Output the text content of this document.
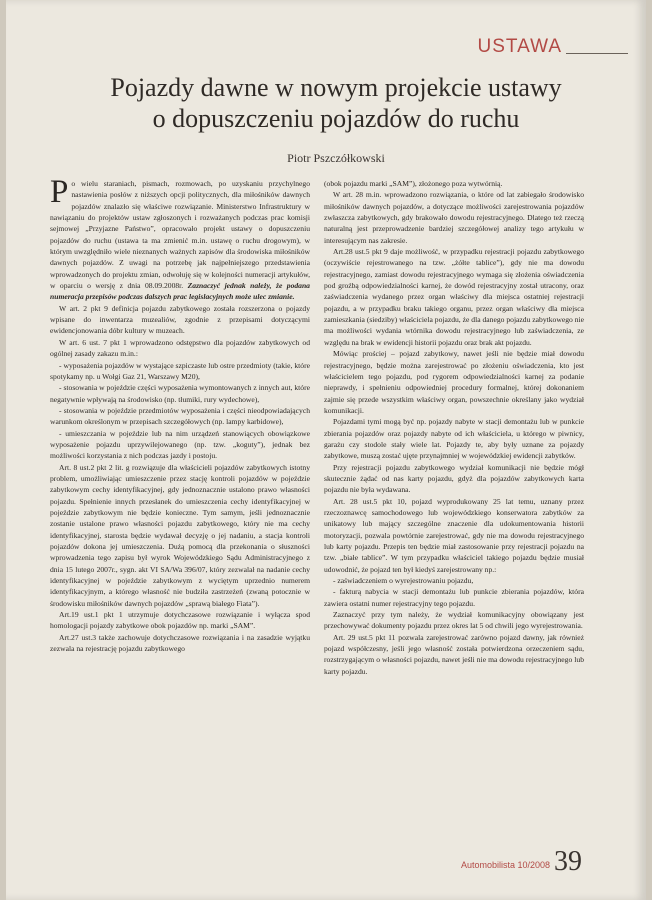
USTAWA
Pojazdy dawne w nowym projekcie ustawy
o dopuszczeniu pojazdów do ruchu
Piotr Pszczółkowski

Po wielu staraniach, pismach, rozmowach, po uzyskaniu przychylnego nastawienia posłów z niższych opcji politycznych, dla miłośników dawnych pojazdów znalazło się właściwe rozwiązanie. Ministerstwo Infrastruktury w nawiązaniu do projektów ustaw zgłoszonych i rozważanych podczas prac komisji sejmowej „Przyjazne Państwo”, opracowało projekt ustawy o dopuszczeniu pojazdów do ruchu (ustawa ta ma zmienić m.in. ustawę o ruchu drogowym), w którym uwzględniło wiele nieznanych ważnych zapisów dla środowiska miłośników dawnych pojazdów. Z uwagi na potrzebę jak najpełniejszego przedstawienia wprowadzonych do projektu zmian, odwołuję się w kolejności numeracji artykułów, w oparciu o wersję z dnia 08.09.2008r. Zaznaczyć jednak należy, że podana numeracja przepisów podczas dalszych prac legislacyjnych może ulec zmianie.

W art. 2 pkt 9 definicja pojazdu zabytkowego została rozszerzona o pojazdy wpisane do inwentarza muzealiów, zgodnie z przepisami dotyczącymi ewidencjonowania dóbr kultury w muzeach.

W art. 6 ust. 7 pkt 1 wprowadzono odstępstwo dla pojazdów zabytkowych od ogólnej zasady zakazu m.in.:

- wyposażenia pojazdów w wystające szpiczaste lub ostre przedmioty (takie, które spotykamy np. u Wołgi Gaz 21, Warszawy M20),

- stosowania w pojeździe części wyposażenia wymontowanych z innych aut, które negatywnie wpływają na środowisko (np. tłumiki, rury wydechowe),

- stosowania w pojeździe przedmiotów wyposażenia i części nieodpowiadających warunkom określonym w przepisach szczegółowych (np. lampy karbidowe),

- umieszczania w pojeździe lub na nim urządzeń stanowiących obowiązkowe wyposażenie pojazdu uprzywilejowanego (np. tzw. „koguty”), jednak bez możliwości korzystania z nich podczas jazdy i postoju.

Art. 8 ust.2 pkt 2 lit. g rozwiązuje dla właścicieli pojazdów zabytkowych istotny problem, umożliwiając umieszczenie przez stację kontroli pojazdów w pojeździe zabytkowym cechy identyfikacyjnej, gdy jednoznacznie ustalono prawo własności pojazdu. Spełnienie innych przesłanek do umieszczenia cechy identyfikacyjnej w pojeździe zabytkowym nie będzie konieczne. Tym samym, jeśli jednoznacznie zostanie ustalone prawo własności pojazdu zabytkowego, który nie ma cechy identyfikacyjnej, starosta będzie wydawał decyzję o jej nadaniu, a stacja kontroli pojazdów dokona jej umieszczenia. Dużą pomocą dla przekonania o słuszności wprowadzenia tego zapisu był wyrok Wojewódzkiego Sądu Administracyjnego z dnia 15 lutego 2007r., sygn. akt VI SA/Wa 396/07, który zezwalał na nadanie cechy identyfikacyjnej w pojeździe zabytkowym z wyciętym uprzednio numerem identyfikacyjnym, a którego własność nie budziła zastrzeżeń (zwaną potocznie w środowisku miłośników dawnych pojazdów „sprawą białego Fiata”).

Art.19 ust.1 pkt 1 utrzymuje dotychczasowe rozwiązanie i wyłącza spod homologacji pojazdy zabytkowe obok pojazdów np. marki „SAM”.

Art.27 ust.3 także zachowuje dotychczasowe rozwiązania i na zasadzie wyjątku zezwala na rejestrację pojazdu zabytkowego

(obok pojazdu marki „SAM”), złożonego poza wytwórnią.

W art. 28 m.in. wprowadzono rozwiązania, o które od lat zabiegało środowisko miłośników dawnych pojazdów, a dotyczące możliwości zarejestrowania pojazdów zwłaszcza zabytkowych, gdy brakowało dowodu rejestracyjnego. Dlatego też rzeczą naturalną jest przeprowadzenie bardziej szczegółowej analizy tego artykułu w interesującym nas zakresie.

Art.28 ust.5 pkt 9 daje możliwość, w przypadku rejestracji pojazdu zabytkowego (oczywiście rejestrowanego na tzw. „żółte tablice”), gdy nie ma dowodu rejestracyjnego, zamiast dowodu rejestracyjnego wymaga się złożenia oświadczenia pod groźbą odpowiedzialności karnej, że dowód rejestracyjny został utracony, oraz zaświadczenia wydanego przez organ właściwy dla miejsca ostatniej rejestracji pojazdu, a w przypadku braku takiego organu, przez organ właściwy dla miejsca zamieszkania (siedziby) właściciela pojazdu, że dla danego pojazdu zabytkowego nie ma możliwości wydania wtórnika dowodu rejestracyjnego lub zaświadczenia, ze względu na brak w ewidencji historii pojazdu oraz brak akt pojazdu.

Mówiąc prościej – pojazd zabytkowy, nawet jeśli nie będzie miał dowodu rejestracyjnego, będzie można zarejestrować po złożeniu oświadczenia, kto jest właścicielem tego pojazdu, pod rygorem odpowiedzialności karnej za podanie nieprawdy, i spełnieniu odpowiedniej procedury formalnej, której dokonaniem zajmie się przede wszystkim właściwy organ, powszechnie określany jako wydział komunikacji.

Pojazdami tymi mogą być np. pojazdy nabyte w stacji demontażu lub w punkcie zbierania pojazdów oraz pojazdy nabyte od ich właściciela, u którego w piwnicy, garażu czy stodole stały wiele lat. Pojazdy te, aby były uznane za pojazdy zabytkowe, muszą zostać ujęte przynajmniej w wojewódzkiej ewidencji zabytków.

Przy rejestracji pojazdu zabytkowego wydział komunikacji nie będzie mógł skutecznie żądać od nas karty pojazdu, gdyż dla pojazdów zabytkowych karta pojazdu nie była wydawana.

Art. 28 ust.5 pkt 10, pojazd wyprodukowany 25 lat temu, uznany przez rzeczoznawcę samochodowego lub wojewódzkiego konserwatora zabytków za unikatowy lub mający szczególne znaczenie dla udokumentowania historii motoryzacji, pozwala powtórnie zarejestrować, gdy nie ma dowodu rejestracyjnego lub karty pojazdu. Przepis ten będzie miał zastosowanie przy rejestracji pojazdu na tzw. „białe tablice”. W tym przypadku właściciel takiego pojazdu będzie musiał udowodnić, że pojazd ten był kiedyś zarejestrowany np.:

- zaświadczeniem o wyrejestrowaniu pojazdu,

- fakturą nabycia w stacji demontażu lub punkcie zbierania pojazdów, która zawiera ostatni numer rejestracyjny tego pojazdu.

Zaznaczyć przy tym należy, że wydział komunikacyjny obowiązany jest przechowywać dokumenty pojazdu przez okres lat 5 od chwili jego wyrejestrowania.

Art. 29 ust.5 pkt 11 pozwala zarejestrować zarówno pojazd dawny, jak również pojazd współczesny, jeśli jego własność została potwierdzona orzeczeniem sądu, rozstrzygającym o własności pojazdu, nawet jeśli nie ma dowodu rejestracyjnego lub karty pojazdu.

Automobilista 10/2008 39
